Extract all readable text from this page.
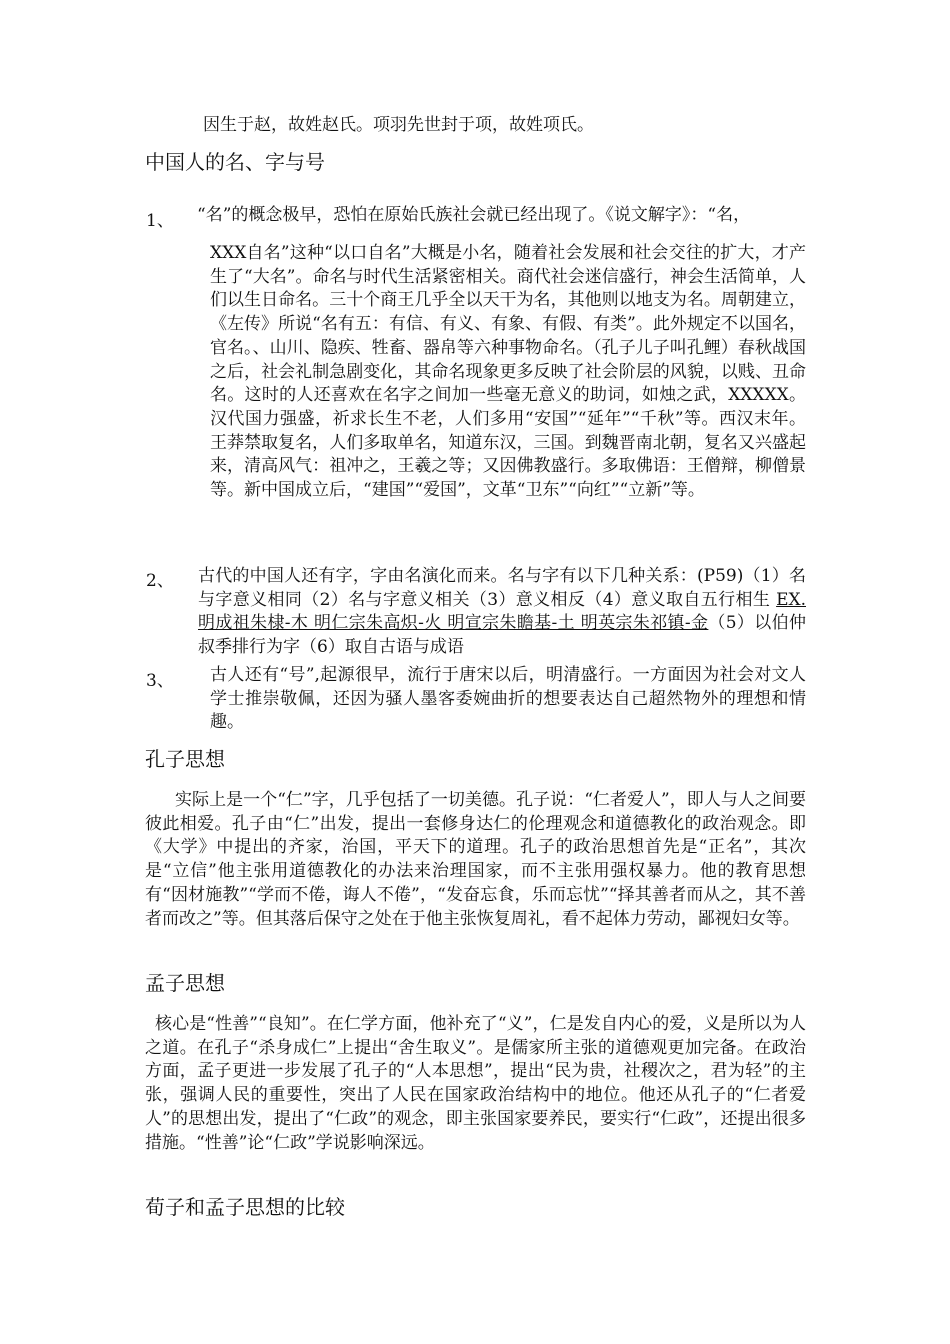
因生于赵，故姓赵氏。项羽先世封于项，故姓项氏。
中国人的名、字与号
1、 “名”的概念极早，恐怕在原始氏族社会就已经出现了。《说文解字》：“名，
XXX自名”这种“以口自名”大概是小名，随着社会发展和社会交往的扩大，才产生了“大名”。命名与时代生活紧密相关。商代社会迷信盛行，神会生活简单，人们以生日命名。三十个商王几乎全以天干为名，其他则以地支为名。周朝建立，《左传》所说“名有五：有信、有义、有象、有假、有类”。此外规定不以国名，官名。、山川、隐疾、牲畜、器帛等六种事物命名。（孔子儿子叫孔鲤）春秋战国之后，社会礼制急剧变化，其命名现象更多反映了社会阶层的风貌，以贱、丑命名。这时的人还喜欢在名字之间加一些毫无意义的助词，如烛之武，XXXXX。汉代国力强盛，祈求长生不老，人们多用“安国”“延年”“千秋”等。西汉末年。王莽禁取复名，人们多取单名，知道东汉，三国。到魏晋南北朝，复名又兴盛起来，清高风气：祖冲之，王羲之等；又因佛教盛行。多取佛语：王僧辩，柳僧景等。新中国成立后，“建国”“爱国”，文革“卫东”“向红”“立新”等。
2、 古代的中国人还有字，字由名演化而来。名与字有以下几种关系：(P59)（1）名与字意义相同（2）名与字意义相关（3）意义相反（4）意义取自五行相生 EX.明成祖朱棣-木 明仁宗朱高炽-火 明宣宗朱瞻基-土 明英宗朱祁镇-金（5）以伯仲叔季排行为字（6）取自古语与成语
3、 古人还有“号”,起源很早，流行于唐宋以后，明清盛行。一方面因为社会对文人学士推崇敬佩，还因为骚人墨客委婉曲折的想要表达自己超然物外的理想和情趣。
孔子思想
实际上是一个“仁”字，几乎包括了一切美德。孔子说：“仁者爱人”，即人与人之间要彼此相爱。孔子由“仁”出发，提出一套修身达仁的伦理观念和道德教化的政治观念。即《大学》中提出的齐家，治国，平天下的道理。孔子的政治思想首先是“正名”，其次是“立信”他主张用道德教化的办法来治理国家，而不主张用强权暴力。他的教育思想有“因材施教”“学而不倦，诲人不倦”，“发奋忘食，乐而忘忧”“择其善者而从之，其不善者而改之”等。但其落后保守之处在于他主张恢复周礼，看不起体力劳动，鄙视妇女等。
孟子思想
核心是“性善”“良知”。在仁学方面，他补充了“义”，仁是发自内心的爱，义是所以为人之道。在孔子“杀身成仁”上提出“舍生取义”。是儒家所主张的道德观更加完备。在政治方面，孟子更进一步发展了孔子的“人本思想”，提出“民为贵，社稷次之，君为轻”的主张，强调人民的重要性，突出了人民在国家政治结构中的地位。他还从孔子的“仁者爱人”的思想出发，提出了“仁政”的观念，即主张国家要养民，要实行“仁政”，还提出很多措施。“性善”论“仁政”学说影响深远。
荀子和孟子思想的比较
